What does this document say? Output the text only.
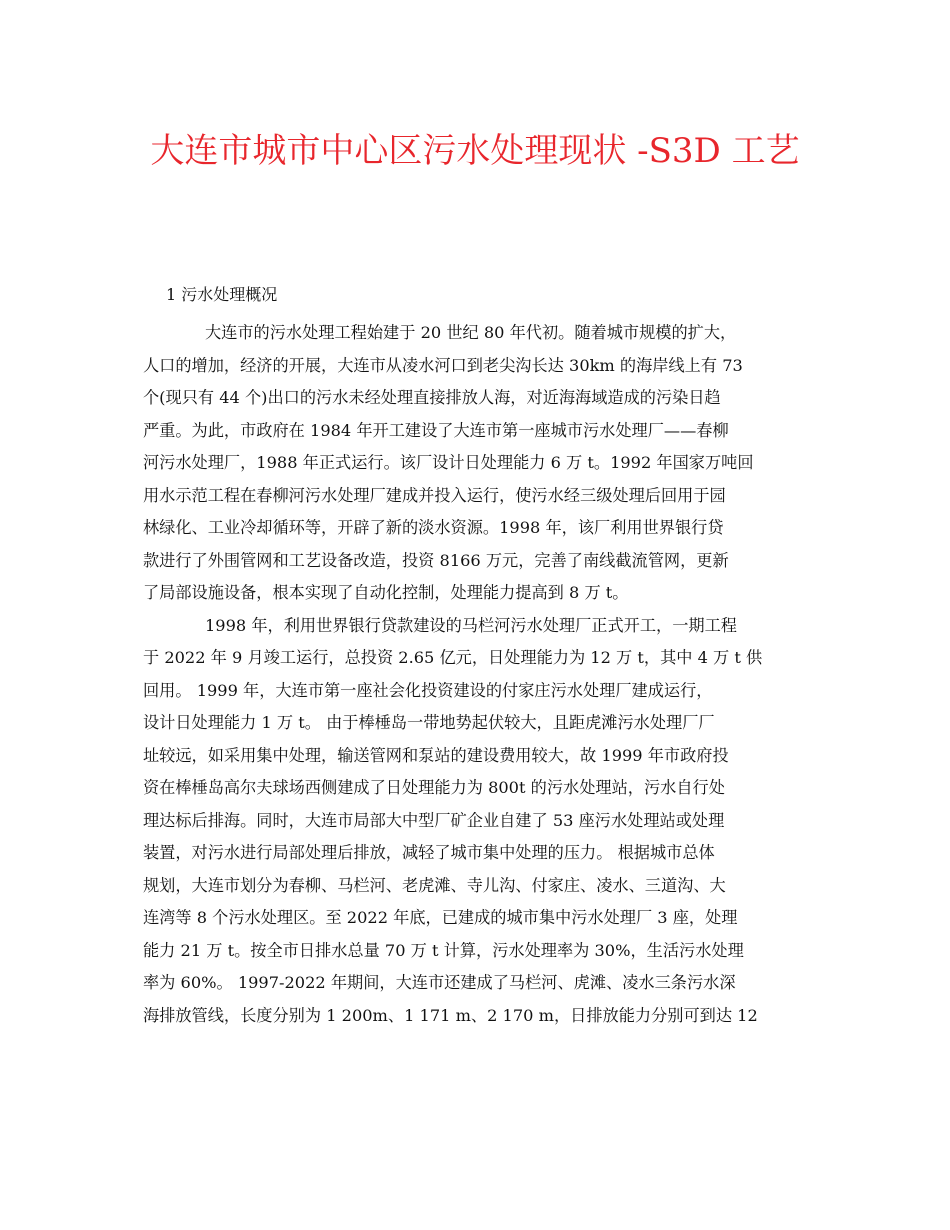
大连市城市中心区污水处理现状 -S3D 工艺
1 污水处理概况
大连市的污水处理工程始建于 20 世纪 80 年代初。随着城市规模的扩大，
人口的增加，经济的开展，大连市从凌水河口到老尖沟长达 30km 的海岸线上有 73
个(现只有 44 个)出口的污水未经处理直接排放人海，对近海海域造成的污染日趋
严重。为此，市政府在 1984 年开工建设了大连市第一座城市污水处理厂——春柳
河污水处理厂，1988 年正式运行。该厂设计日处理能力 6 万 t。1992 年国家万吨回
用水示范工程在春柳河污水处理厂建成并投入运行，使污水经三级处理后回用于园
林绿化、工业冷却循环等，开辟了新的淡水资源。1998 年，该厂利用世界银行贷
款进行了外围管网和工艺设备改造，投资 8166 万元，完善了南线截流管网，更新
了局部设施设备，根本实现了自动化控制，处理能力提高到 8 万 t。
1998 年，利用世界银行贷款建设的马栏河污水处理厂正式开工，一期工程
于 2022 年 9 月竣工运行，总投资 2.65 亿元，日处理能力为 12 万 t，其中 4 万 t 供
回用。 1999 年，大连市第一座社会化投资建设的付家庄污水处理厂建成运行，
设计日处理能力 1 万 t。 由于棒棰岛一带地势起伏较大，且距虎滩污水处理厂厂
址较远，如采用集中处理，输送管网和泵站的建设费用较大，故 1999 年市政府投
资在棒棰岛高尔夫球场西侧建成了日处理能力为 800t 的污水处理站，污水自行处
理达标后排海。同时，大连市局部大中型厂矿企业自建了 53 座污水处理站或处理
装置，对污水进行局部处理后排放，减轻了城市集中处理的压力。 根据城市总体
规划，大连市划分为春柳、马栏河、老虎滩、寺儿沟、付家庄、凌水、三道沟、大
连湾等 8 个污水处理区。至 2022 年底，已建成的城市集中污水处理厂 3 座，处理
能力 21 万 t。按全市日排水总量 70 万 t 计算，污水处理率为 30%，生活污水处理
率为 60%。 1997-2022 年期间，大连市还建成了马栏河、虎滩、凌水三条污水深
海排放管线，长度分别为 1 200m、1 171 m、2 170 m，日排放能力分别可到达 12
